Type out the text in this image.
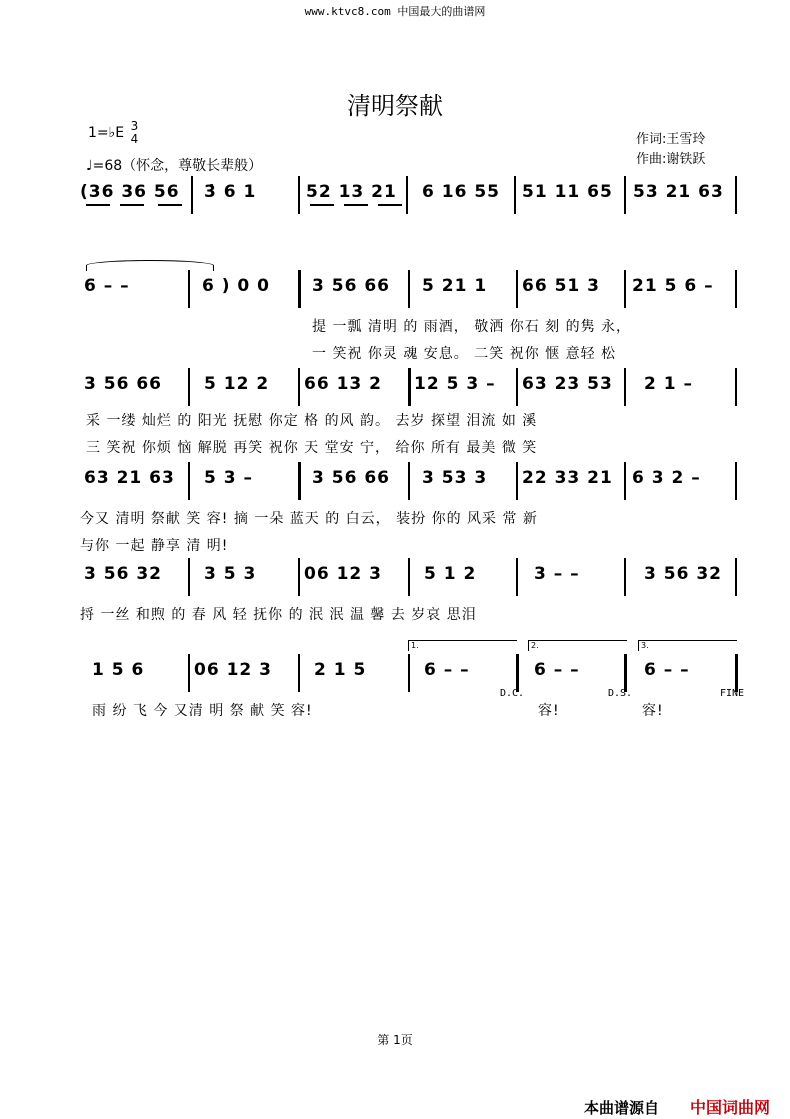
www.ktvc8.com 中国最大的曲谱网
清明祭献
1=♭E 3
4
♩=68（怀念，尊敬长辈般）
作词:王雪玲
作曲:谢铁跃
(36 36 56 3̇ 6 1	52 13 21 6 16 55 51 11 65 53 21 63
6 – –	6 ) 0 0 3 56 66 5 21 1 66 51 3 21 5 6 –
提 一瓢 清明 的 雨酒， 敬洒 你石 刻 的隽 永，
一 笑祝 你灵 魂 安息。 二笑 祝你 惬 意轻 松
3 56 66 5 12 2 66 13 2 12 5 3 – 63 23 53 2 1 –
采 一缕 灿烂 的 阳光 抚慰 你定 格 的风 韵。 去岁 探望 泪流 如 溪
三 笑祝 你烦 恼 解脱 再笑 祝你 天 堂安 宁， 给你 所有 最美 微 笑
63 21 63 5 3 –	3 56 66 3 53 3 22 33 21 6 3 2 –
今又 清明 祭献 笑 容! 摘 一朵 蓝天 的 白云， 装扮 你的 风采 常 新
与你 一起 静享 清 明!
3 56 32 3 5 3	06 12 3 5 1 2	3 – –	3 56 32
捋 一丝 和煦 的 春 风 轻 抚你 的 泯 泯 温 馨 去 岁哀 思泪
1.	2.	3.
1 5 6	06 12 3 2 1 5	6 – –	6 – –	6 – –
雨 纷 飞 今 又清 明 祭 献 笑 容!	容!	容!
D.C.	D.S.	FINE
第 1页
本曲谱源自 中国词曲网
